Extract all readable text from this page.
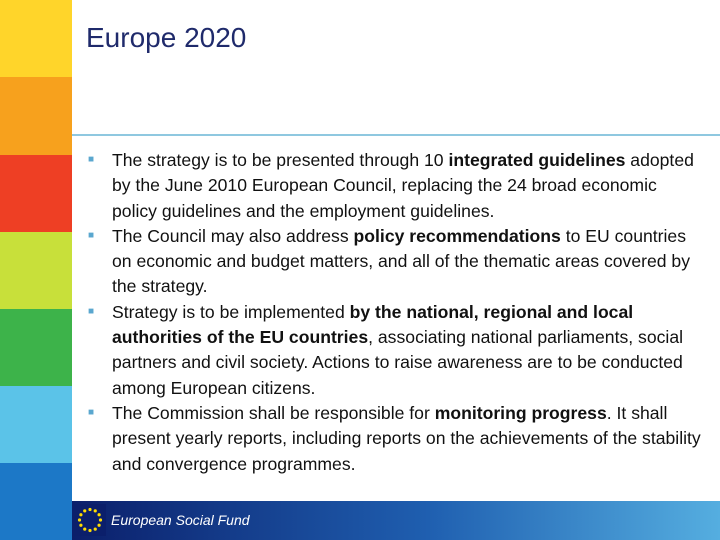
Europe 2020
■ The strategy is to be presented through 10 integrated guidelines adopted by the June 2010 European Council, replacing the 24 broad economic policy guidelines and the employment guidelines.
■ The Council may also address policy recommendations to EU countries on economic and budget matters, and all of the thematic areas covered by the strategy.
■ Strategy is to be implemented by the national, regional and local authorities of the EU countries, associating national parliaments, social partners and civil society. Actions to raise awareness are to be conducted among European citizens.
■ The Commission shall be responsible for monitoring progress. It shall present yearly reports, including reports on the achievements of the stability and convergence programmes.
European Social Fund
